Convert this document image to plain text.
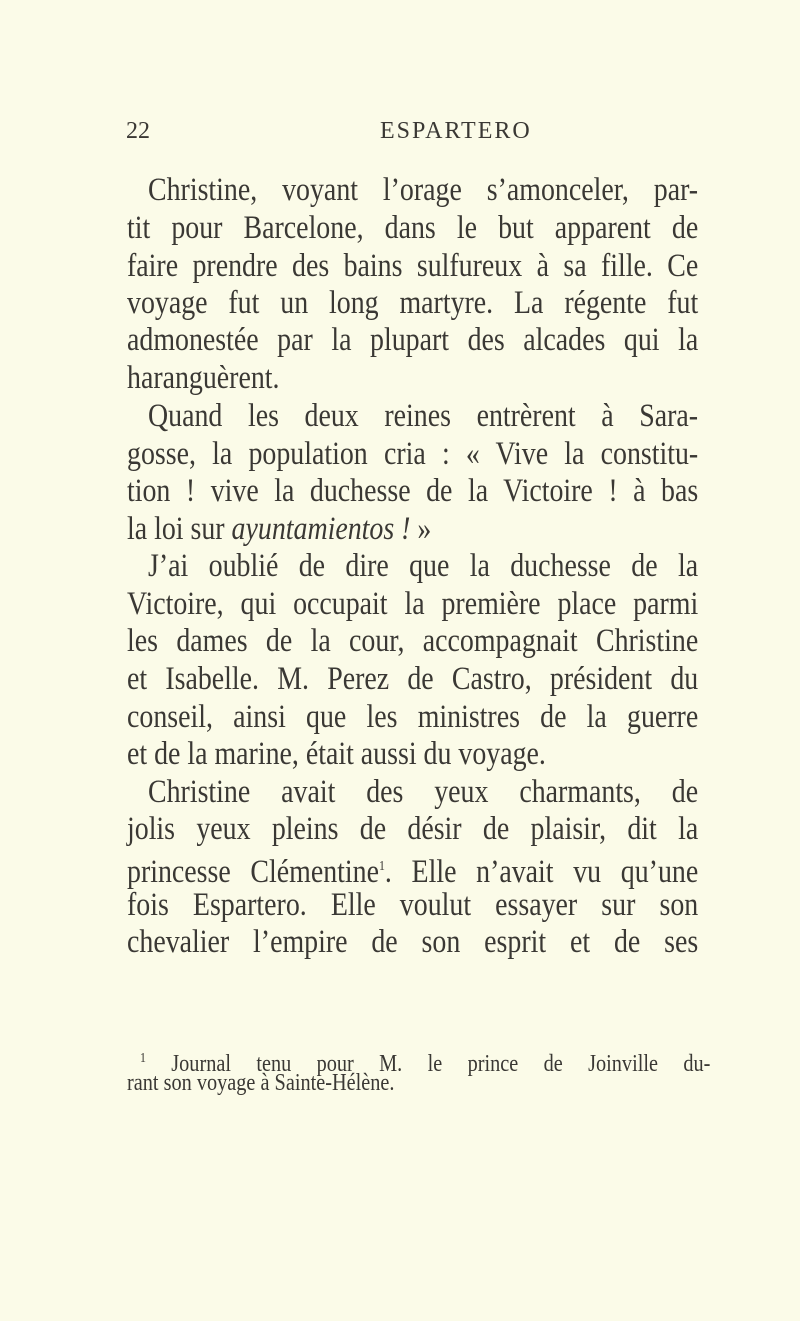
22	ESPARTERO
Christine, voyant l’orage s’amonceler, par-
tit pour Barcelone, dans le but apparent de
faire prendre des bains sulfureux à sa fille. Ce
voyage fut un long martyre. La régente fut
admonestée par la plupart des alcades qui la
haranguèrent.
Quand les deux reines entrèrent à Sara-
gosse, la population cria : « Vive la constitu-
tion ! vive la duchesse de la Victoire ! à bas
la loi sur ayuntamientos ! »
J’ai oublié de dire que la duchesse de la
Victoire, qui occupait la première place parmi
les dames de la cour, accompagnait Christine
et Isabelle. M. Perez de Castro, président du
conseil, ainsi que les ministres de la guerre
et de la marine, était aussi du voyage.
Christine avait des yeux charmants, de
jolis yeux pleins de désir de plaisir, dit la
princesse Clémentine$^1$. Elle n’avait vu qu’une
fois Espartero. Elle voulut essayer sur son
chevalier l’empire de son esprit et de ses
$^1$ Journal tenu pour M. le prince de Joinville du-
rant son voyage à Sainte-Hélène.
